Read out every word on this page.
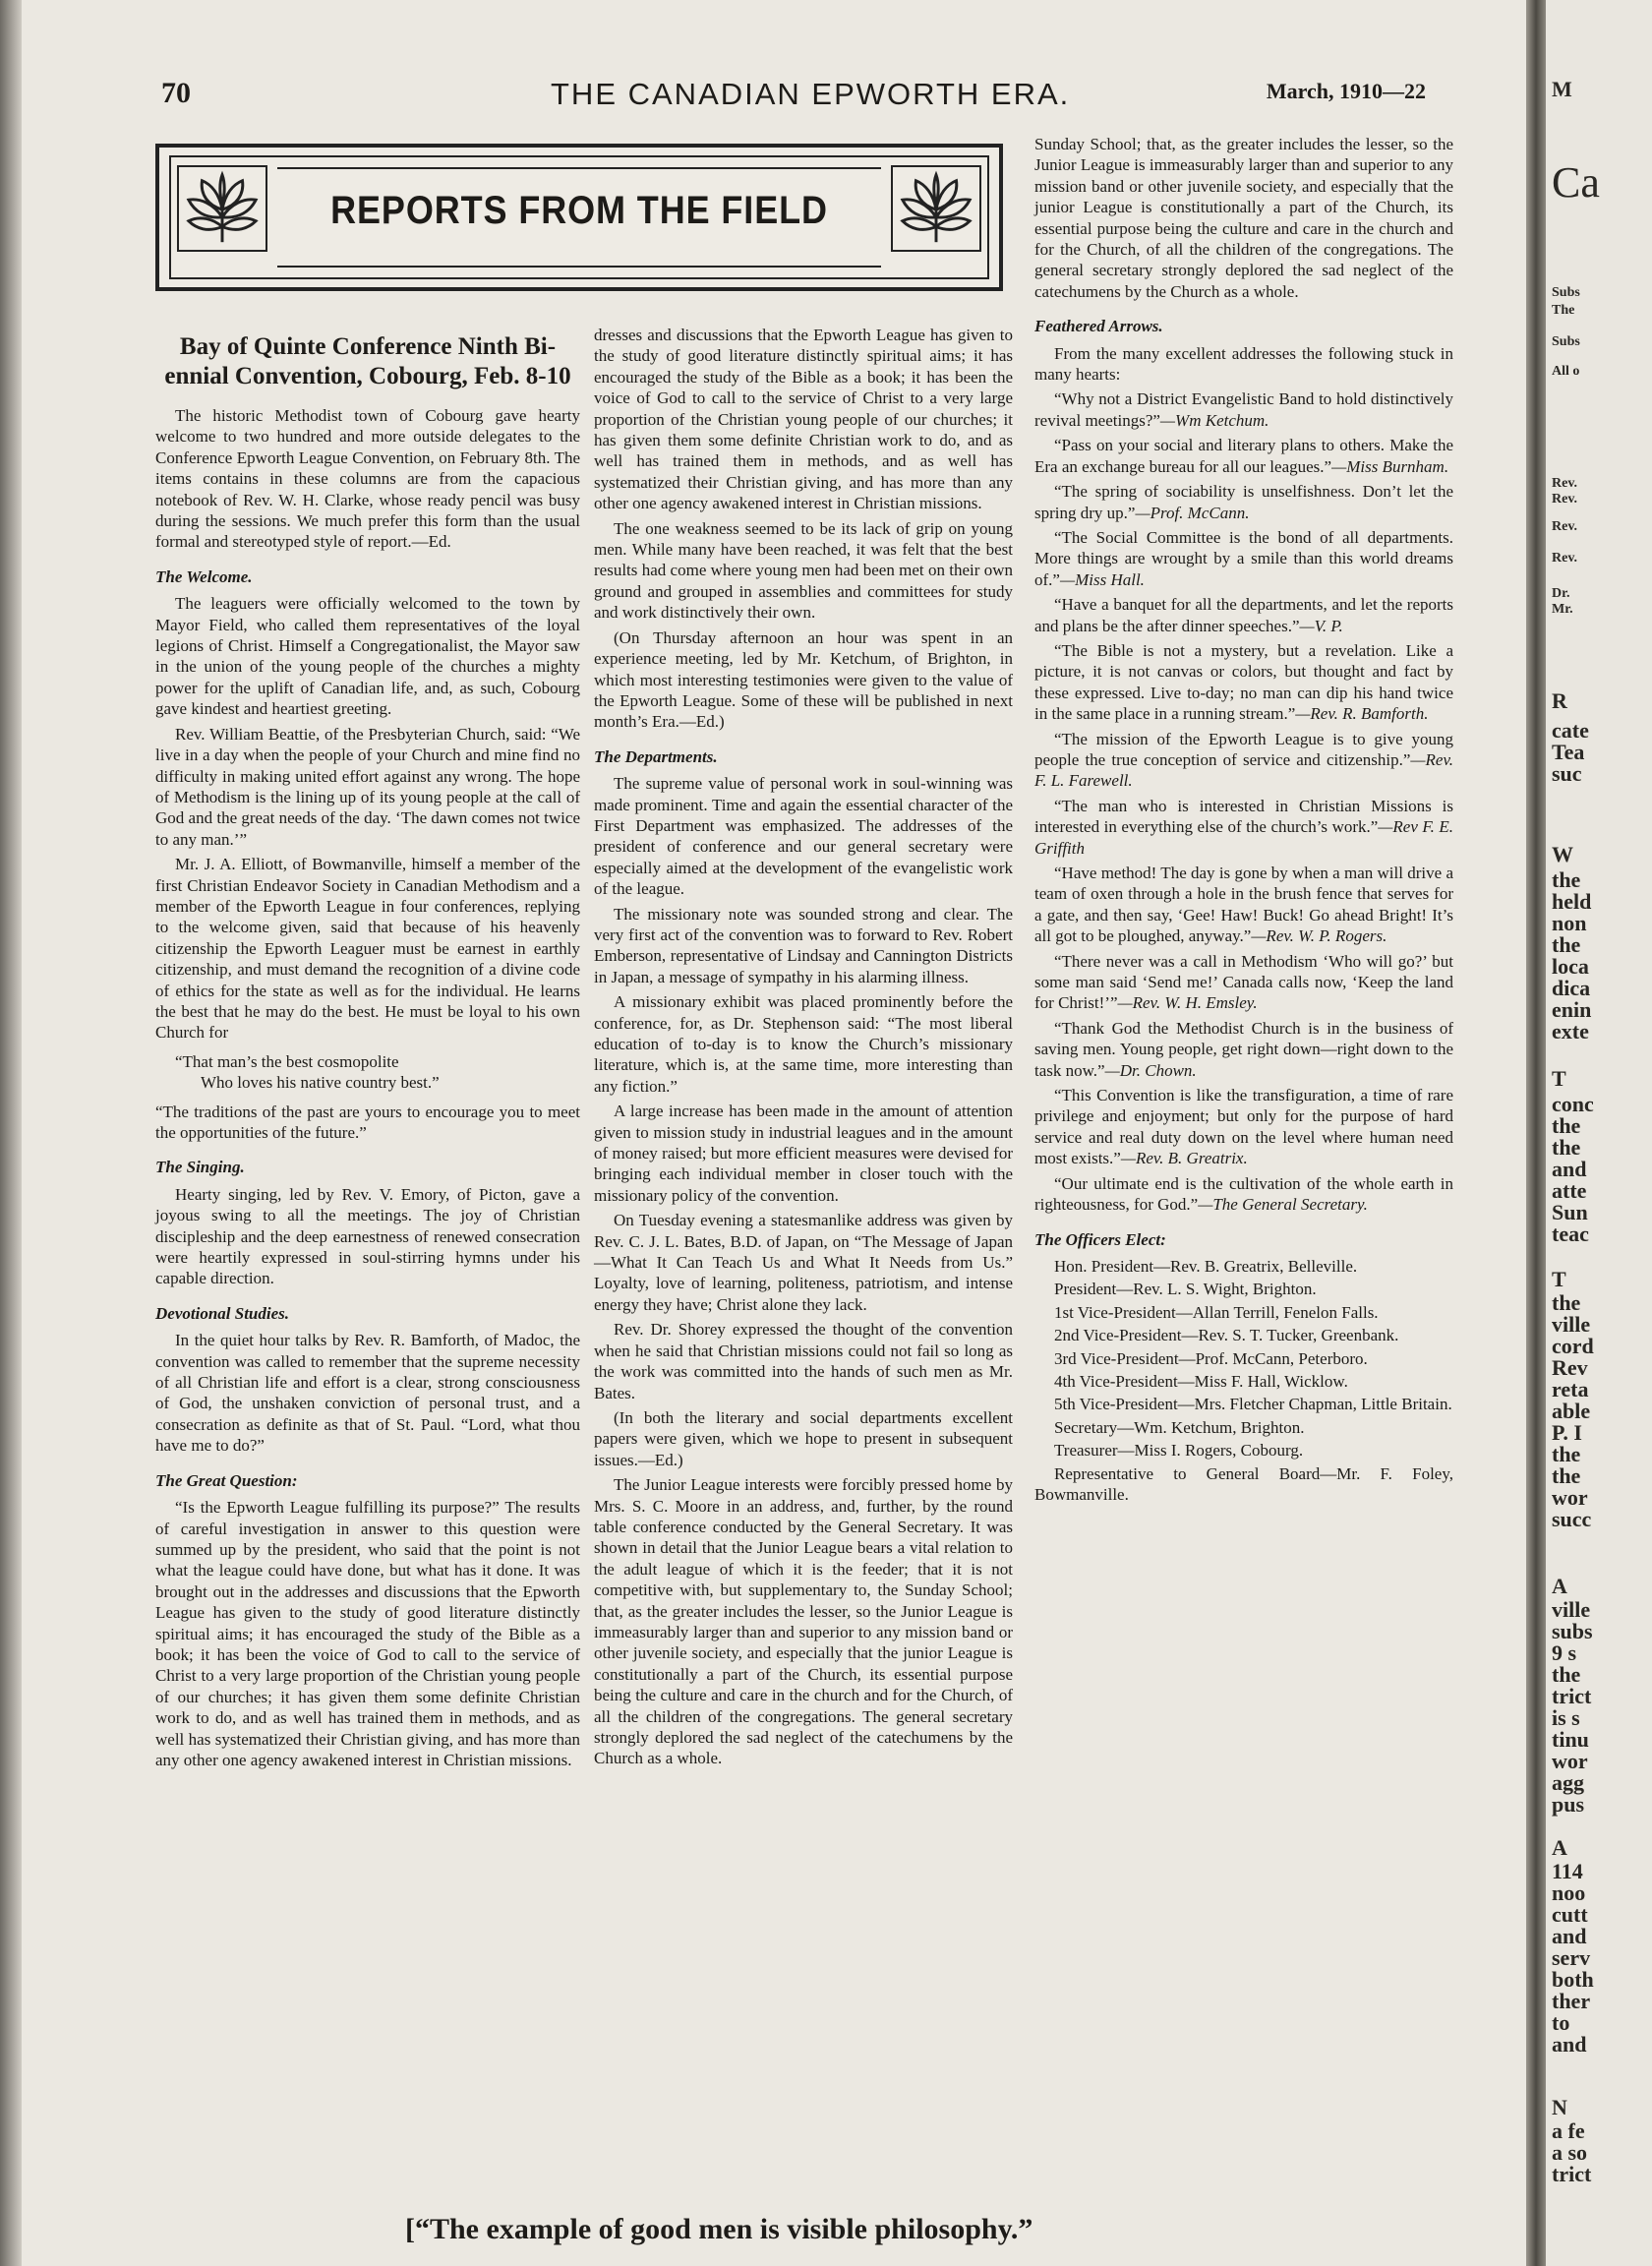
70	THE CANADIAN EPWORTH ERA.	March, 1910—22
REPORTS FROM THE FIELD
Bay of Quinte Conference Ninth Bi-ennial Convention, Cobourg, Feb. 8-10

The historic Methodist town of Cobourg gave hearty welcome to two hundred and more outside delegates to the Conference Epworth League Convention, on February 8th. The items contains in these columns are from the capacious notebook of Rev. W. H. Clarke, whose ready pencil was busy during the sessions. We much prefer this form than the usual formal and stereotyped style of report.—Ed.

The Welcome.

The leaguers were officially welcomed to the town by Mayor Field, who called them representatives of the loyal legions of Christ. Himself a Congregationalist, the Mayor saw in the union of the young people of the churches a mighty power for the uplift of Canadian life, and, as such, Cobourg gave kindest and heartiest greeting.

Rev. William Beattie, of the Presbyterian Church, said: “We live in a day when the people of your Church and mine find no difficulty in making united effort against any wrong. The hope of Methodism is the lining up of its young people at the call of God and the great needs of the day. ‘The dawn comes not twice to any man.’”

Mr. J. A. Elliott, of Bowmanville, himself a member of the first Christian Endeavor Society in Canadian Methodism and a member of the Epworth League in four conferences, replying to the welcome given, said that because of his heavenly citizenship the Epworth Leaguer must be earnest in earthly citizenship, and must demand the recognition of a divine code of ethics for the state as well as for the individual. He learns the best that he may do the best. He must be loyal to his own Church for

“That man’s the best cosmopolite
Who loves his native country best.”

“The traditions of the past are yours to encourage you to meet the opportunities of the future.”

The Singing.

Hearty singing, led by Rev. V. Emory, of Picton, gave a joyous swing to all the meetings. The joy of Christian discipleship and the deep earnestness of renewed consecration were heartily expressed in soul-stirring hymns under his capable direction.

Devotional Studies.

In the quiet hour talks by Rev. R. Bamforth, of Madoc, the convention was called to remember that the supreme necessity of all Christian life and effort is a clear, strong consciousness of God, the unshaken conviction of personal trust, and a consecration as definite as that of St. Paul. “Lord, what thou have me to do?”

The Great Question:

“Is the Epworth League fulfilling its purpose?” The results of careful investigation in answer to this question were summed up by the president, who said that the point is not what the league could have done, but what has it done. It was brought out in the addresses and discussions that the Epworth League has given to the study of good literature distinctly spiritual aims; it has encouraged the study of the Bible as a book; it has been the voice of God to call to the service of Christ to a very large proportion of the Christian young people of our churches; it has given them some definite Christian work to do, and as well has trained them in methods, and as well has systematized their Christian giving, and has more than any other one agency awakened interest in Christian missions.

dresses and discussions that the Epworth League has given to the study of good literature distinctly spiritual aims; it has encouraged the study of the Bible as a book; it has been the voice of God to call to the service of Christ to a very large proportion of the Christian young people of our churches; it has given them some definite Christian work to do, and as well has trained them in methods, and as well has systematized their Christian giving, and has more than any other one agency awakened interest in Christian missions.

The one weakness seemed to be its lack of grip on young men. While many have been reached, it was felt that the best results had come where young men had been met on their own ground and grouped in assemblies and committees for study and work distinctively their own.

(On Thursday afternoon an hour was spent in an experience meeting, led by Mr. Ketchum, of Brighton, in which most interesting testimonies were given to the value of the Epworth League. Some of these will be published in next month’s Era.—Ed.)

The Departments.

The supreme value of personal work in soul-winning was made prominent. Time and again the essential character of the First Department was emphasized. The addresses of the president of conference and our general secretary were especially aimed at the development of the evangelistic work of the league.

The missionary note was sounded strong and clear. The very first act of the convention was to forward to Rev. Robert Emberson, representative of Lindsay and Cannington Districts in Japan, a message of sympathy in his alarming illness.

A missionary exhibit was placed prominently before the conference, for, as Dr. Stephenson said: “The most liberal education of to-day is to know the Church’s missionary literature, which is, at the same time, more interesting than any fiction.”

A large increase has been made in the amount of attention given to mission study in industrial leagues and in the amount of money raised; but more efficient measures were devised for bringing each individual member in closer touch with the missionary policy of the convention.

On Tuesday evening a statesmanlike address was given by Rev. C. J. L. Bates, B.D. of Japan, on “The Message of Japan —What It Can Teach Us and What It Needs from Us.” Loyalty, love of learning, politeness, patriotism, and intense energy they have; Christ alone they lack.

Rev. Dr. Shorey expressed the thought of the convention when he said that Christian missions could not fail so long as the work was committed into the hands of such men as Mr. Bates.

(In both the literary and social departments excellent papers were given, which we hope to present in subsequent issues.—Ed.)

The Junior League interests were forcibly pressed home by Mrs. S. C. Moore in an address, and, further, by the round table conference conducted by the General Secretary. It was shown in detail that the Junior League bears a vital relation to the adult league of which it is the feeder; that it is not competitive with, but supplementary to, the Sunday School; that, as the greater includes the lesser, so the Junior League is immeasurably larger than and superior to any mission band or other juvenile society, and especially that the junior League is constitutionally a part of the Church, its essential purpose being the culture and care in the church and for the Church, of all the children of the congregations. The general secretary strongly deplored the sad neglect of the catechumens by the Church as a whole.

Sunday School; that, as the greater includes the lesser, so the Junior League is immeasurably larger than and superior to any mission band or other juvenile society, and especially that the junior League is constitutionally a part of the Church, its essential purpose being the culture and care in the church and for the Church, of all the children of the congregations. The general secretary strongly deplored the sad neglect of the catechumens by the Church as a whole.

Feathered Arrows.

From the many excellent addresses the following stuck in many hearts:

“Why not a District Evangelistic Band to hold distinctively revival meetings?”—Wm Ketchum.

“Pass on your social and literary plans to others. Make the Era an exchange bureau for all our leagues.”—Miss Burnham.

“The spring of sociability is unselfishness. Don’t let the spring dry up.”—Prof. McCann.

“The Social Committee is the bond of all departments. More things are wrought by a smile than this world dreams of.”—Miss Hall.

“Have a banquet for all the departments, and let the reports and plans be the after dinner speeches.”—V. P.

“The Bible is not a mystery, but a revelation. Like a picture, it is not canvas or colors, but thought and fact by these expressed. Live to-day; no man can dip his hand twice in the same place in a running stream.”—Rev. R. Bamforth.

“The mission of the Epworth League is to give young people the true conception of service and citizenship.”—Rev. F. L. Farewell.

“The man who is interested in Christian Missions is interested in everything else of the church’s work.”—Rev F. E. Griffith

“Have method! The day is gone by when a man will drive a team of oxen through a hole in the brush fence that serves for a gate, and then say, ‘Gee! Haw! Buck! Go ahead Bright! It’s all got to be ploughed, anyway.”—Rev. W. P. Rogers.

“There never was a call in Methodism ‘Who will go?’ but some man said ‘Send me!’ Canada calls now, ‘Keep the land for Christ!’”—Rev. W. H. Emsley.

“Thank God the Methodist Church is in the business of saving men. Young people, get right down—right down to the task now.”—Dr. Chown.

“This Convention is like the transfiguration, a time of rare privilege and enjoyment; but only for the purpose of hard service and real duty down on the level where human need most exists.”—Rev. B. Greatrix.

“Our ultimate end is the cultivation of the whole earth in righteousness, for God.”—The General Secretary.

The Officers Elect:
Hon. President—Rev. B. Greatrix, Belleville.
President—Rev. L. S. Wight, Brighton.
1st Vice-President—Allan Terrill, Fenelon Falls.
2nd Vice-President—Rev. S. T. Tucker, Greenbank.
3rd Vice-President—Prof. McCann, Peterboro.
4th Vice-President—Miss F. Hall, Wicklow.
5th Vice-President—Mrs. Fletcher Chapman, Little Britain.
Secretary—Wm. Ketchum, Brighton.
Treasurer—Miss I. Rogers, Cobourg.
Representative to General Board—Mr. F. Foley, Bowmanville.
[“The example of good men is visible philosophy.”
M
Ca
Subs
The
Subs
All o
Rev.
Rev.
Rev.
Rev.
Dr.
Mr.
R
cate
Tea
suc
W
the
held
non
the
loca
dica
enin
exte
T
conc
the
the
and
atte
Sun
teac
T
the
ville
cord
Rev
reta
able
P. I
the
the
wor
succ
A
ville
subs
9 s
the
trict
is s
tinu
wor
agg
pus
A
114
noo
cutt
and
serv
both
ther
to
and
N
a fe
a so
trict
